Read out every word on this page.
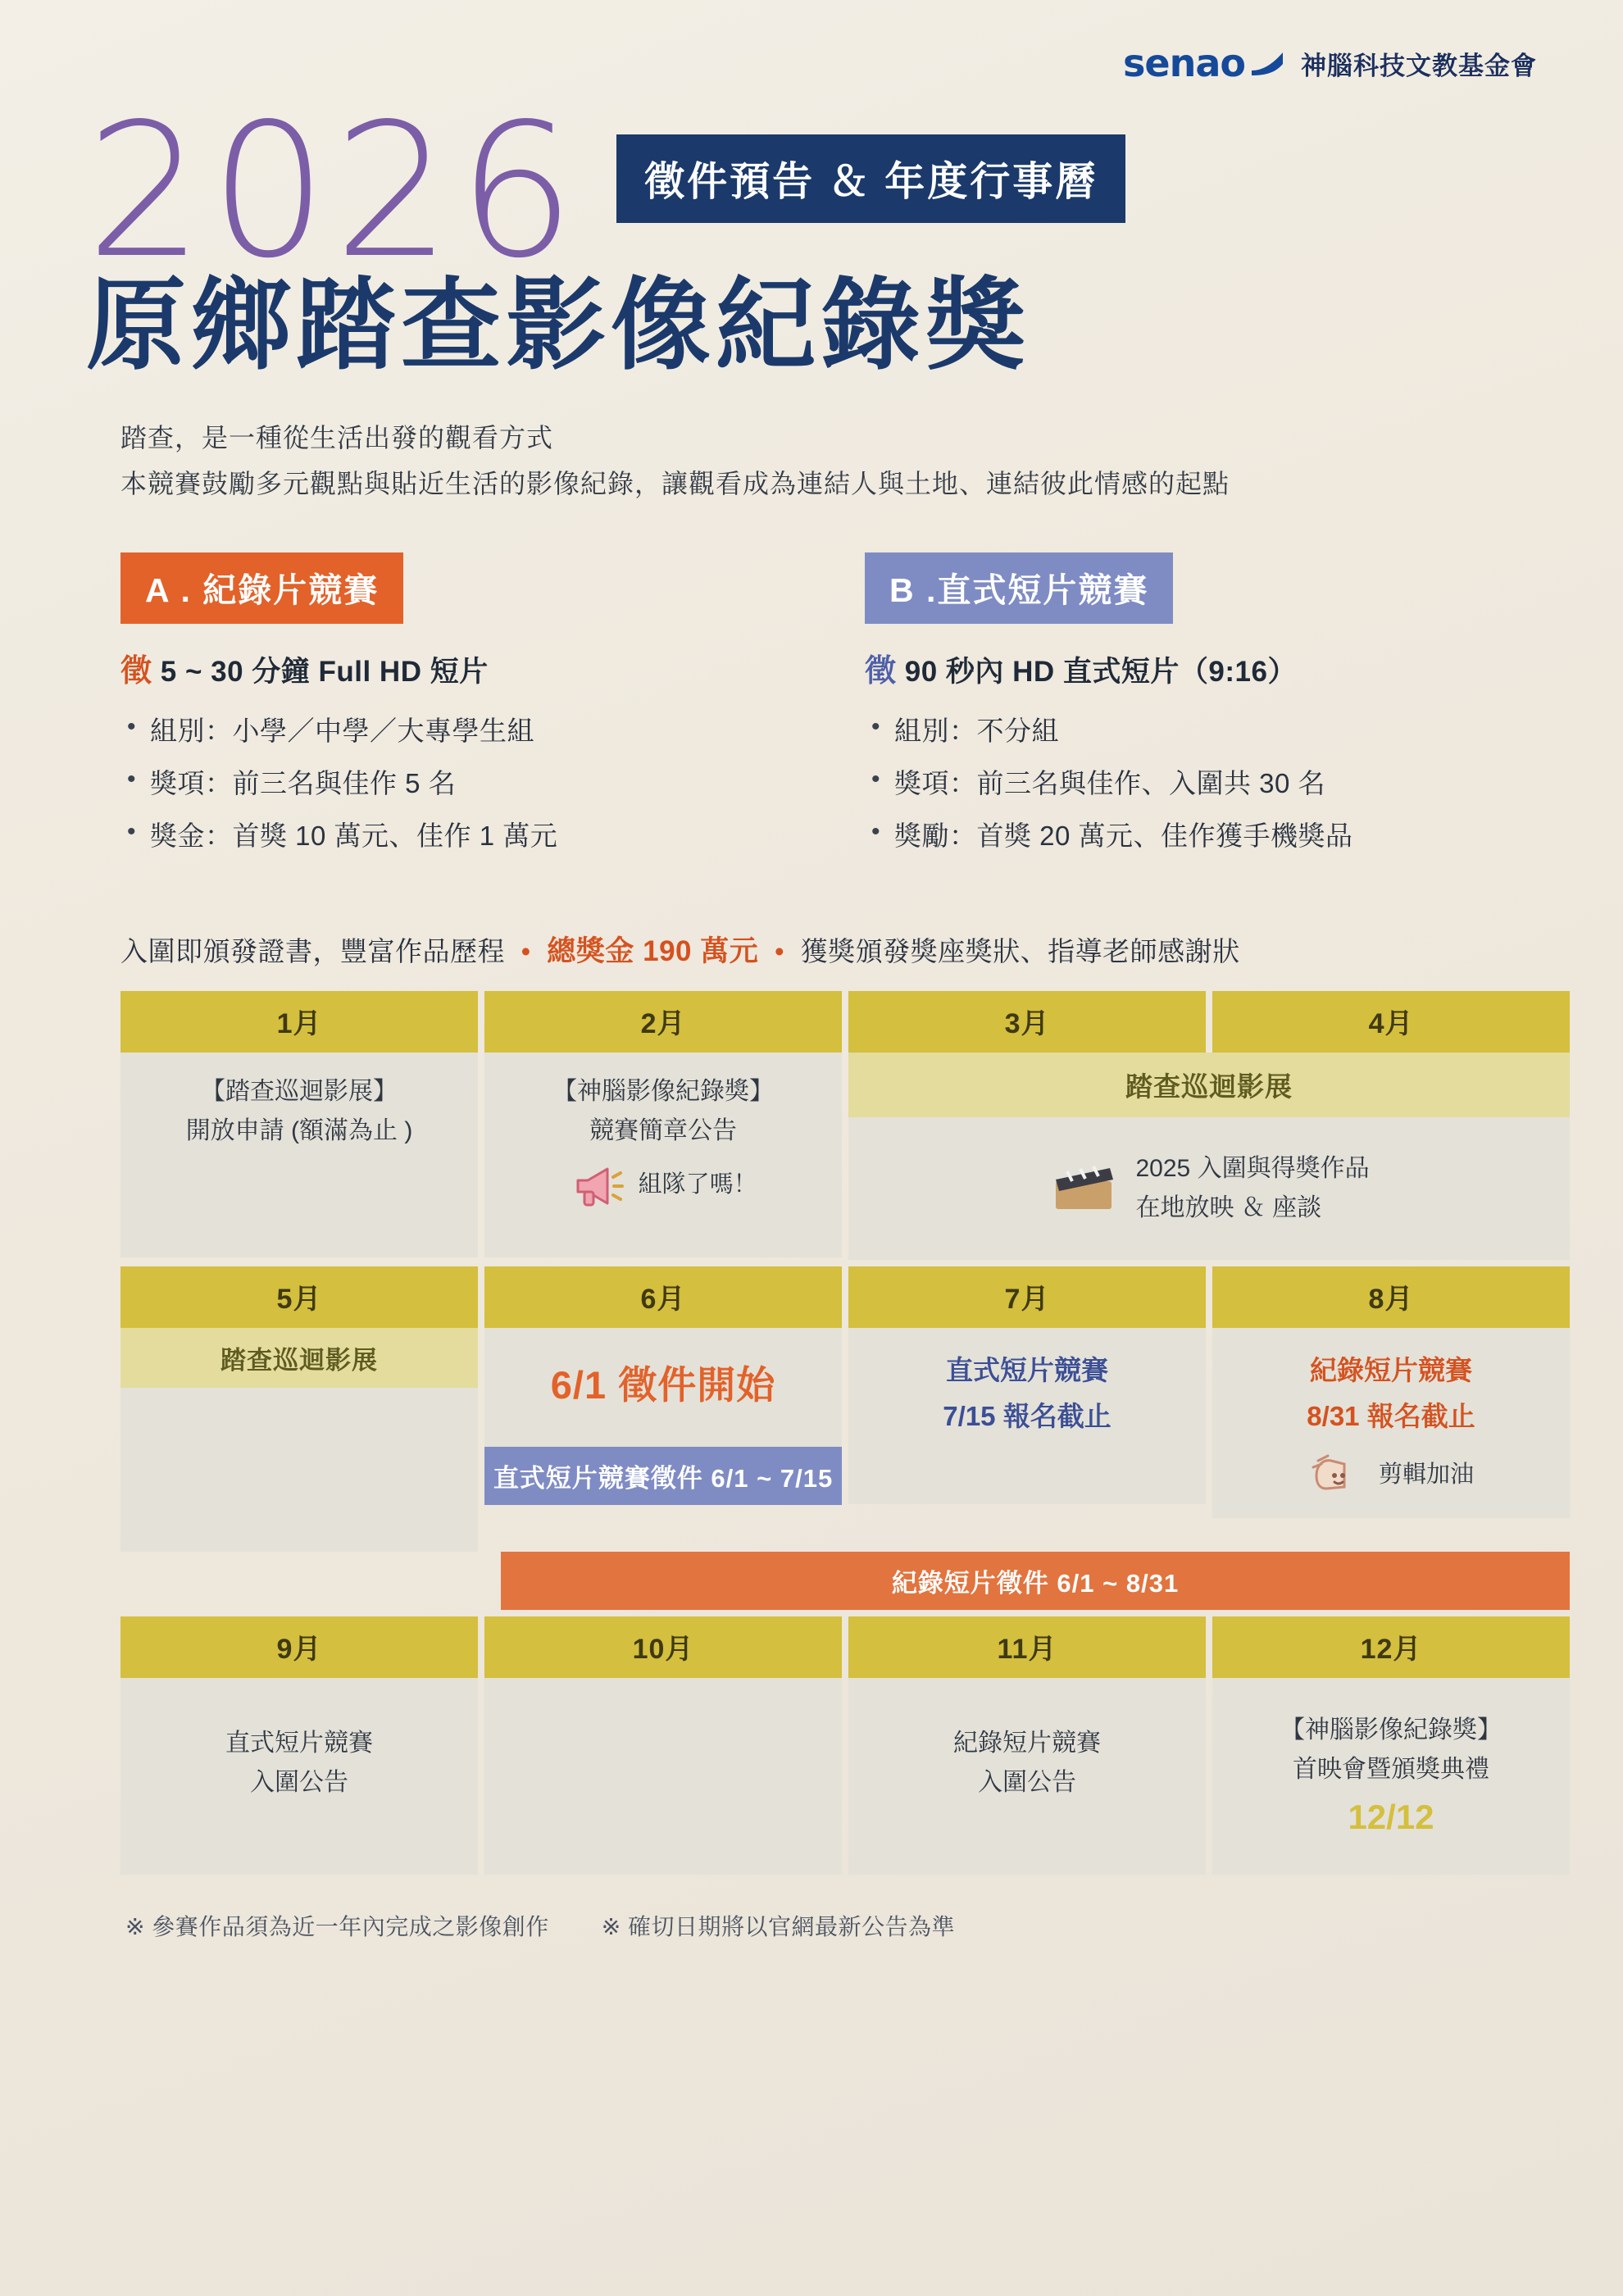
senao 神腦科技文教基金會
2026 徵件預告 ＆ 年度行事曆
原鄉踏查影像紀錄獎

踏查，是一種從生活出發的觀看方式

本競賽鼓勵多元觀點與貼近生活的影像紀錄，讓觀看成為連結人與土地、連結彼此情感的起點

A . 紀錄片競賽
徵 5 ~ 30 分鐘 Full HD 短片
• 組別：小學／中學／大專學生組
• 獎項：前三名與佳作 5 名
• 獎金：首獎 10 萬元、佳作 1 萬元
B .直式短片競賽
徵 90 秒內 HD 直式短片（9:16）
• 組別：不分組
• 獎項：前三名與佳作、入圍共 30 名
• 獎勵：首獎 20 萬元、佳作獲手機獎品
入圍即頒發證書，豐富作品歷程 • 總獎金 190 萬元 • 獲獎頒發獎座獎狀、指導老師感謝狀
1月
【踏查巡迴影展】
開放申請 (額滿為止 )
2月
【神腦影像紀錄獎】
競賽簡章公告
組隊了嗎！
3月	4月
踏查巡迴影展
2025 入圍與得獎作品
在地放映 ＆ 座談
5月
踏查巡迴影展
6月
6/1 徵件開始
直式短片競賽徵件 6/1 ~ 7/15
7月
直式短片競賽
7/15 報名截止
8月
紀錄短片競賽
8/31 報名截止
剪輯加油
紀錄短片徵件 6/1 ~ 8/31
9月
直式短片競賽
入圍公告
10月	11月
紀錄短片競賽
入圍公告
12月
【神腦影像紀錄獎】
首映會暨頒獎典禮
12/12
※ 參賽作品須為近一年內完成之影像創作 ※ 確切日期將以官網最新公告為準
